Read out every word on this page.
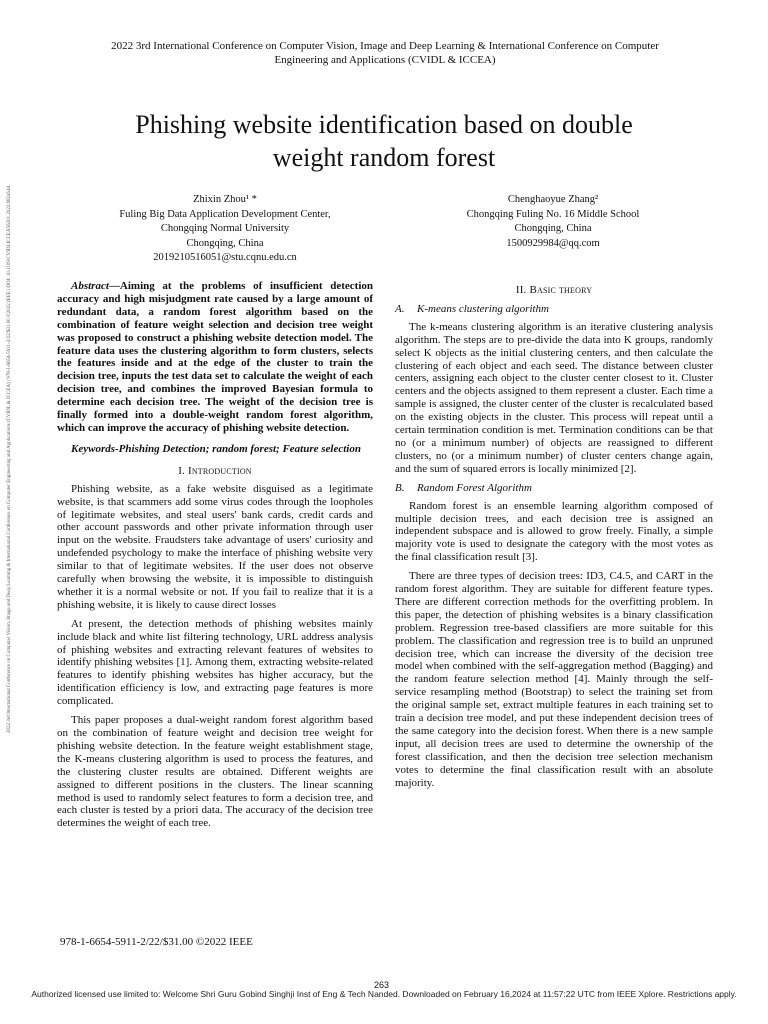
2022 3rd International Conference on Computer Vision, Image and Deep Learning & International Conference on Computer Engineering and Applications (CVIDL & ICCEA) | 978-1-6654-5911-2/22/$31.00 ©2022 IEEE | DOI: 10.1109/CVIDLICCEA56201.2022.9824544
2022 3rd International Conference on Computer Vision, Image and Deep Learning & International Conference on Computer
Engineering and Applications (CVIDL & ICCEA)
Phishing website identification based on double
weight random forest
Zhixin Zhou¹ *
Fuling Big Data Application Development Center,
Chongqing Normal University
Chongqing, China
2019210516051@stu.cqnu.edu.cn
Chenghaoyue Zhang²
Chongqing Fuling No. 16 Middle School
Chongqing, China
1500929984@qq.com
Abstract—Aiming at the problems of insufficient detection accuracy and high misjudgment rate caused by a large amount of redundant data, a random forest algorithm based on the combination of feature weight selection and decision tree weight was proposed to construct a phishing website detection model. The feature data uses the clustering algorithm to form clusters, selects the features inside and at the edge of the cluster to train the decision tree, inputs the test data set to calculate the weight of each decision tree, and combines the improved Bayesian formula to determine each decision tree. The weight of the decision tree is finally formed into a double-weight random forest algorithm, which can improve the accuracy of phishing website detection.
Keywords-Phishing Detection; random forest; Feature selection
I. Introduction
Phishing website, as a fake website disguised as a legitimate website, is that scammers add some virus codes through the loopholes of legitimate websites, and steal users' bank cards, credit cards and other account passwords and other private information through user input on the website. Fraudsters take advantage of users' curiosity and undefended psychology to make the interface of phishing website very similar to that of legitimate websites. If the user does not observe carefully when browsing the website, it is impossible to distinguish whether it is a normal website or not. If you fail to realize that it is a phishing website, it is likely to cause direct losses
At present, the detection methods of phishing websites mainly include black and white list filtering technology, URL address analysis of phishing websites and extracting relevant features of websites to identify phishing websites [1]. Among them, extracting website-related features to identify phishing websites has higher accuracy, but the identification efficiency is low, and extracting page features is more complicated.
This paper proposes a dual-weight random forest algorithm based on the combination of feature weight and decision tree weight for phishing website detection. In the feature weight establishment stage, the K-means clustering algorithm is used to process the features, and the clustering cluster results are obtained. Different weights are assigned to different positions in the clusters. The linear scanning method is used to randomly select features to form a decision tree, and each cluster is tested by a priori data. The accuracy of the decision tree determines the weight of each tree.
II. Basic theory
A. K-means clustering algorithm
The k-means clustering algorithm is an iterative clustering analysis algorithm. The steps are to pre-divide the data into K groups, randomly select K objects as the initial clustering centers, and then calculate the clustering of each object and each seed. The distance between cluster centers, assigning each object to the cluster center closest to it. Cluster centers and the objects assigned to them represent a cluster. Each time a sample is assigned, the cluster center of the cluster is recalculated based on the existing objects in the cluster. This process will repeat until a certain termination condition is met. Termination conditions can be that no (or a minimum number) of objects are reassigned to different clusters, no (or a minimum number) of cluster centers change again, and the sum of squared errors is locally minimized [2].
B. Random Forest Algorithm
Random forest is an ensemble learning algorithm composed of multiple decision trees, and each decision tree is assigned an independent subspace and is allowed to grow freely. Finally, a simple majority vote is used to designate the category with the most votes as the final classification result [3].
There are three types of decision trees: ID3, C4.5, and CART in the random forest algorithm. They are suitable for different feature types. There are different correction methods for the overfitting problem. In this paper, the detection of phishing websites is a binary classification problem. Regression tree-based classifiers are more suitable for this problem. The classification and regression tree is to build an unpruned decision tree, which can increase the diversity of the decision tree model when combined with the self-aggregation method (Bagging) and the random feature selection method [4]. Mainly through the self-service resampling method (Bootstrap) to select the training set from the original sample set, extract multiple features in each training set to train a decision tree model, and put these independent decision trees of the same category into the decision forest. When there is a new sample input, all decision trees are used to determine the ownership of the forest classification, and then the decision tree selection mechanism votes to determine the final classification result with an absolute majority.
978-1-6654-5911-2/22/$31.00 ©2022 IEEE
263
Authorized licensed use limited to: Welcome Shri Guru Gobind Singhji Inst of Eng & Tech Nanded. Downloaded on February 16,2024 at 11:57:22 UTC from IEEE Xplore. Restrictions apply.
